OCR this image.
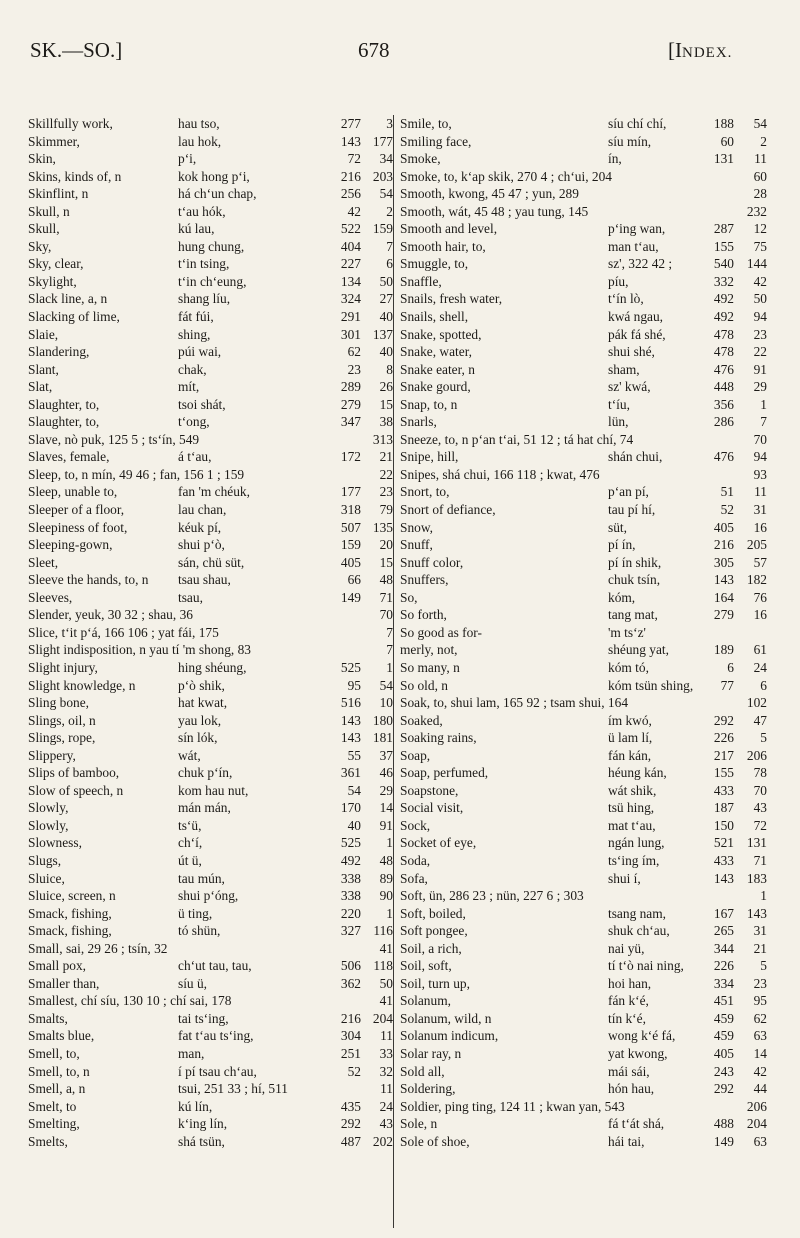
SK.—SO.]	678	[INDEX.
Skillfully work,	hau tso,	277 3
Skimmer,	lau hok,	143 177
Skin,	pʻi,	72 34
Skins, kinds of, n	kok hong pʻi,	216 203
Skinflint, n	há chʻun chap,	256 54
Skull, n	tʻau hók,	42 2
Skull,	kú lau,	522 159
Sky,	hung chung,	404 7
Sky, clear,	tʻin tsing,	227 6
Skylight,	tʻin chʻeung,	134 50
Slack line, a, n	shang líu,	324 27
Slacking of lime,	fát fúi,	291 40
Slaie,	shing,	301 137
Slandering,	púi wai,	62 40
Slant,	chak,	23 8
Slat,	mít,	289 26
Slaughter, to,	tsoi shát,	279 15
Slaughter, to,	tʻong,	347 38
Slave, nò puk, 125 5 ; tsʻín, 549	313
Slaves, female,	á tʻau,	172 21
Sleep, to, n mín, 49 46 ; fan, 156 1 ; 159	22
Sleep, unable to,	fan 'm chéuk,	177 23
Sleeper of a floor,	lau chan,	318 79
Sleepiness of foot,	kéuk pí,	507 135
Sleeping-gown,	shui pʻò,	159 20
Sleet,	sán, chü süt,	405 15
Sleeve the hands, to, n tsau shau,	66 48
Sleeves,	tsau,	149 71
Slender, yeuk, 30 32 ; shau, 36	70
Slice, tʻit pʻá, 166 106 ; yat fái, 175	7
Slight indisposition, n yau tí 'm shong, 83	7
Slight injury,	hing shéung,	525 1
Slight knowledge, n	pʻò shik,	95 54
Sling bone,	hat kwat,	516 10
Slings, oil, n	yau lok,	143 180
Slings, rope,	sín lók,	143 181
Slippery,	wát,	55 37
Slips of bamboo,	chuk pʻín,	361 46
Slow of speech, n	kom hau nut,	54 29
Slowly,	mán mán,	170 14
Slowly,	tsʻü,	40 91
Slowness,	chʻí,	525 1
Slugs,	út ü,	492 48
Sluice,	tau mún,	338 89
Sluice, screen, n	shui pʻóng,	338 90
Smack, fishing,	ü ting,	220 1
Smack, fishing,	tó shün,	327 116
Small, sai, 29 26 ; tsín, 32	41
Small pox,	chʻut tau, tau,	506 118
Smaller than,	síu ü,	362 50
Smallest, chí síu, 130 10 ; chí sai, 178	41
Smalts,	tai tsʻing,	216 204
Smalts blue,	fat tʻau tsʻing,	304 11
Smell, to,	man,	251 33
Smell, to, n	í pí tsau chʻau,	52 32
Smell, a, n	tsui, 251 33 ; hí, 511	11
Smelt, to	kú lín,	435 24
Smelting,	kʻing lín,	292 43
Smelts,	shá tsün,	487 202
Smile, to,	síu chí chí,	188 54
Smiling face,	síu mín,	60 2
Smoke,	ín,	131 11
Smoke, to, kʻap skik, 270 4 ; chʻui, 204	60
Smooth, kwong, 45 47 ; yun, 289	28
Smooth, wát, 45 48 ; yau tung, 145	232
Smooth and level,	pʻing wan,	287 12
Smooth hair, to,	man tʻau,	155 75
Smuggle, to,	sz', 322 42 ;	540 144
Snaffle,	píu,	332 42
Snails, fresh water,	tʻín lò,	492 50
Snails, shell,	kwá ngau,	492 94
Snake, spotted,	pák fá shé,	478 23
Snake, water,	shui shé,	478 22
Snake eater, n	sham,	476 91
Snake gourd,	sz' kwá,	448 29
Snap, to, n	tʻíu,	356 1
Snarls,	lün,	286 7
Sneeze, to, n pʻan tʻai, 51 12 ; tá hat chí, 74	70
Snipe, hill,	shán chui,	476 94
Snipes, shá chui, 166 118 ; kwat, 476	93
Snort, to,	pʻan pí,	51 11
Snort of defiance,	tau pí hí,	52 31
Snow,	süt,	405 16
Snuff,	pí ín,	216 205
Snuff color,	pí ín shik,	305 57
Snuffers,	chuk tsín,	143 182
So,	kóm,	164 76
So forth,	tang mat,	279 16
So good as for-	'm tsʻz'
merly, not,	shéung yat,	189 61
So many, n	kóm tó,	6 24
So old, n	kóm tsün shing, 77 6
Soak, to, shui lam, 165 92 ; tsam shui, 164	102
Soaked,	ím kwó,	292 47
Soaking rains,	ü lam lí,	226 5
Soap,	fán kán,	217 206
Soap, perfumed,	héung kán,	155 78
Soapstone,	wát shik,	433 70
Social visit,	tsü hing,	187 43
Sock,	mat tʻau,	150 72
Socket of eye,	ngán lung,	521 131
Soda,	tsʻing ím,	433 71
Sofa,	shui í,	143 183
Soft, ün, 286 23 ; nün, 227 6 ; 303	1
Soft, boiled,	tsang nam,	167 143
Soft pongee,	shuk chʻau,	265 31
Soil, a rich,	nai yü,	344 21
Soil, soft,	tí tʻò nai ning, 226 5
Soil, turn up,	hoi han,	334 23
Solanum,	fán kʻé,	451 95
Solanum, wild, n	tín kʻé,	459 62
Solanum indicum,	wong kʻé fá,	459 63
Solar ray, n	yat kwong,	405 14
Sold all,	mái sái,	243 42
Soldering,	hón hau,	292 44
Soldier, ping ting, 124 11 ; kwan yan, 543	206
Sole, n	fá tʻát shá,	488 204
Sole of shoe,	hái tai,	149 63
